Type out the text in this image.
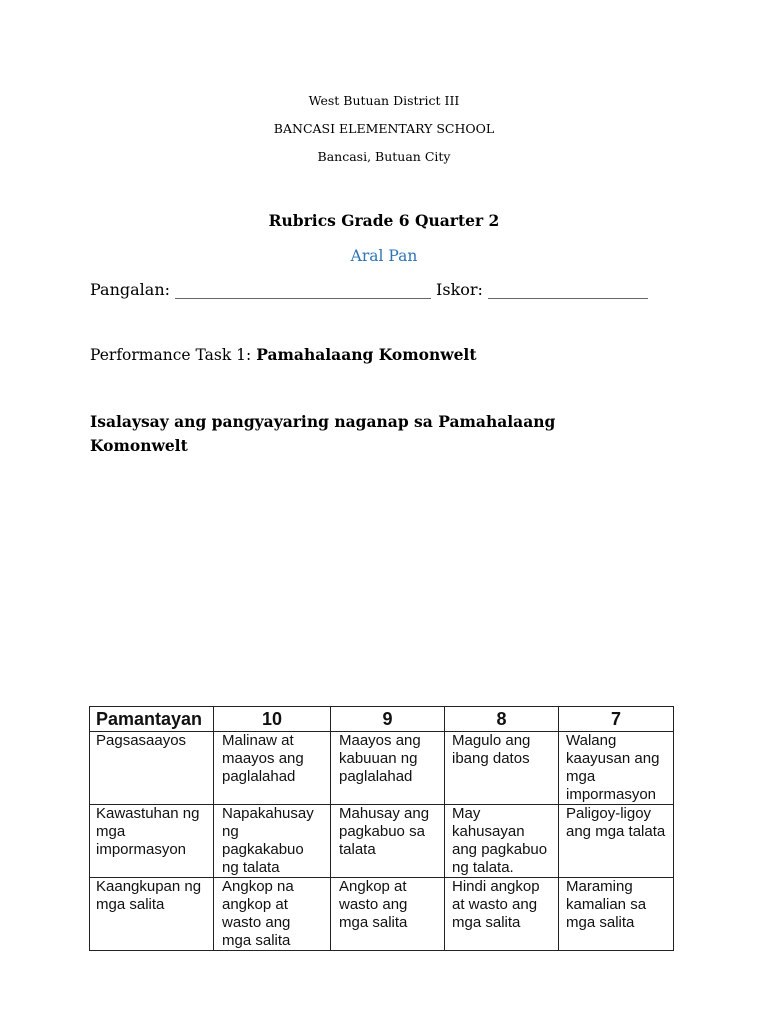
West Butuan District III
BANCASI ELEMENTARY SCHOOL
Bancasi, Butuan City
Rubrics Grade 6 Quarter 2
Aral Pan
Pangalan: ________________________________ Iskor: ____________________
Performance Task 1: Pamahalaang Komonwelt
Isalaysay ang pangyayaring naganap sa Pamahalaang Komonwelt
Pamantayan	10	9	8	7
Pagsasaayos	Malinaw at maayos ang paglalahad	Maayos ang kabuuan ng paglalahad	Magulo ang ibang datos	Walang kaayusan ang mga impormasyon
Kawastuhan ng mga impormasyon	Napakahusay ng pagkakabuo ng talata	Mahusay ang pagkabuo sa talata	May kahusayan ang pagkabuo ng talata.	Paligoy-ligoy ang mga talata
Kaangkupan ng mga salita	Angkop na angkop at wasto ang mga salita	Angkop at wasto ang mga salita	Hindi angkop at wasto ang mga salita	Maraming kamalian sa mga salita
